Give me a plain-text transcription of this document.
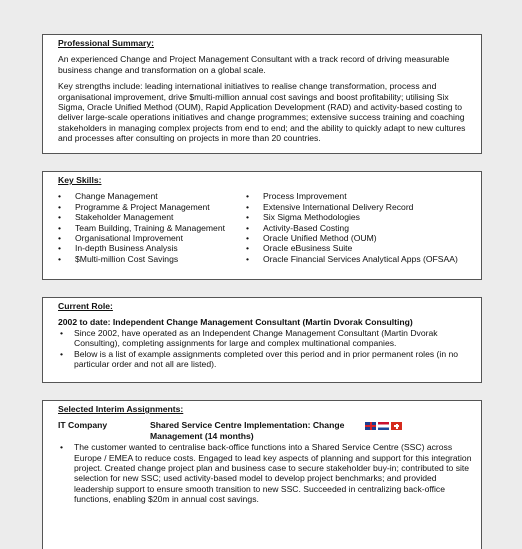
Professional Summary:

An experienced Change and Project Management Consultant with a track record of driving measurable business change and transformation on a global scale.

Key strengths include: leading international initiatives to realise change transformation, process and organisational improvement, drive $multi-million annual cost savings and boost profitability; utilising Six Sigma, Oracle Unified Method (OUM), Rapid Application Development (RAD) and activity-based costing to deliver large-scale operations initiatives and change programmes; extensive success training and coaching stakeholders in managing complex projects from end to end; and the ability to quickly adapt to new cultures and processes after consulting on projects in more than 20 countries.

Key Skills:
• Change Management
• Programme & Project Management
• Stakeholder Management
• Team Building, Training & Management
• Organisational Improvement
• In-depth Business Analysis
• $Multi-million Cost Savings
• Process Improvement
• Extensive International Delivery Record
• Six Sigma Methodologies
• Activity-Based Costing
• Oracle Unified Method (OUM)
• Oracle eBusiness Suite
• Oracle Financial Services Analytical Apps (OFSAA)
Current Role:
2002 to date: Independent Change Management Consultant (Martin Dvorak Consulting)
• Since 2002, have operated as an Independent Change Management Consultant (Martin Dvorak Consulting), completing assignments for large and complex multinational companies.
• Below is a list of example assignments completed over this period and in prior permanent roles (in no particular order and not all are listed).
Selected Interim Assignments:
IT Company	Shared Service Centre Implementation: Change Management (14 months)
• The customer wanted to centralise back-office functions into a Shared Service Centre (SSC) across Europe / EMEA to reduce costs. Engaged to lead key aspects of planning and support for this integration project. Created change project plan and business case to secure stakeholder buy-in; contributed to site selection for new SSC; used activity-based model to develop project benchmarks; and provided leadership support to ensure smooth transition to new SSC. Succeeded in centralizing back-office functions, enabling $20m in annual cost savings.
